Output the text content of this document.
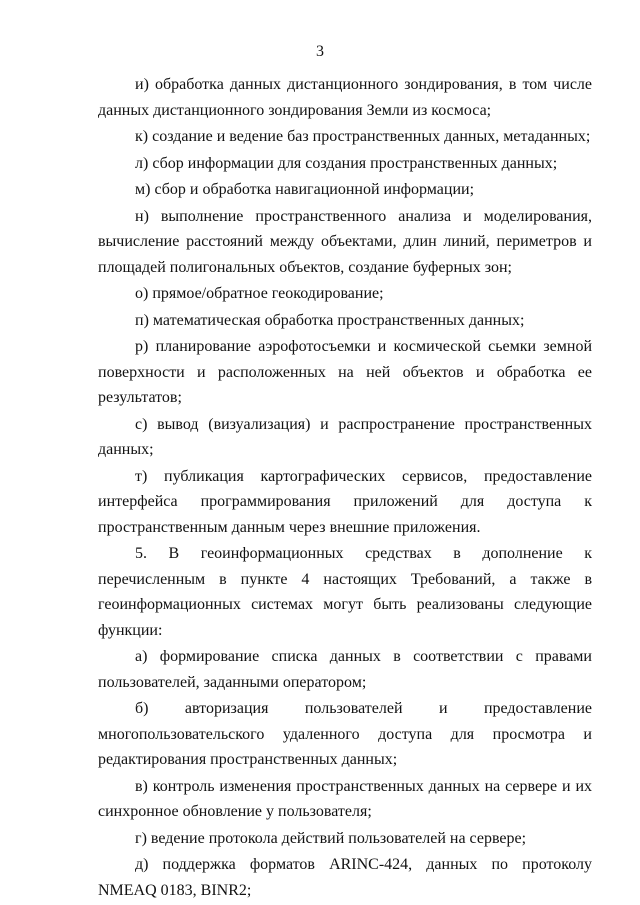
3

и) обработка данных дистанционного зондирования, в том числе данных дистанционного зондирования Земли из космоса;

к) создание и ведение баз пространственных данных, метаданных;

л) сбор информации для создания пространственных данных;

м) сбор и обработка навигационной информации;

н) выполнение пространственного анализа и моделирования, вычисление расстояний между объектами, длин линий, периметров и площадей полигональных объектов, создание буферных зон;

о) прямое/обратное геокодирование;

п) математическая обработка пространственных данных;

р) планирование аэрофотосъемки и космической сьемки земной поверхности и расположенных на ней объектов и обработка ее результатов;

с) вывод (визуализация) и распространение пространственных данных;

т) публикация картографических сервисов, предоставление интерфейса программирования приложений для доступа к пространственным данным через внешние приложения.

5. В геоинформационных средствах в дополнение к перечисленным в пункте 4 настоящих Требований, а также в геоинформационных системах могут быть реализованы следующие функции:

а) формирование списка данных в соответствии с правами пользователей, заданными оператором;

б) авторизация пользователей и предоставление многопользовательского удаленного доступа для просмотра и редактирования пространственных данных;

в) контроль изменения пространственных данных на сервере и их синхронное обновление у пользователя;

г) ведение протокола действий пользователей на сервере;

д) поддержка форматов ARINC-424, данных по протоколу NMEAQ 0183, BINR2;
